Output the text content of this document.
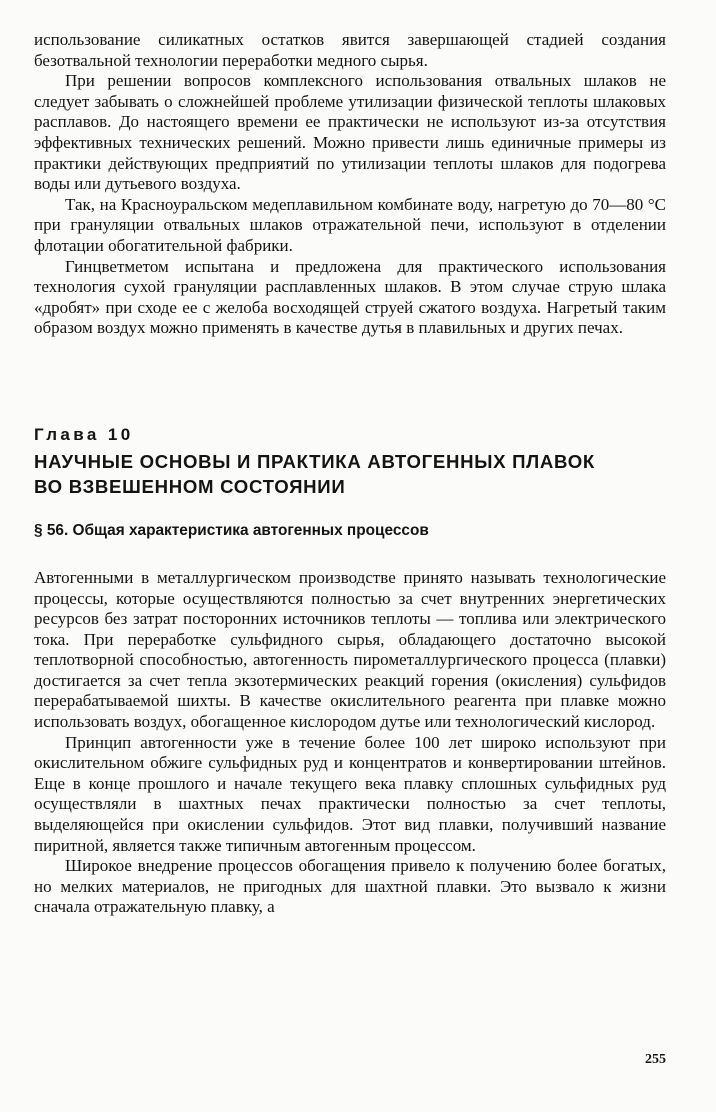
использование силикатных остатков явится завершающей стадией создания безотвальной технологии переработки медного сырья.

При решении вопросов комплексного использования отвальных шлаков не следует забывать о сложнейшей проблеме утилизации физической теплоты шлаковых расплавов. До настоящего времени ее практически не используют из-за отсутствия эффективных технических решений. Можно привести лишь единичные примеры из практики действующих предприятий по утилизации теплоты шлаков для подогрева воды или дутьевого воздуха.

Так, на Красноуральском медеплавильном комбинате воду, нагретую до 70—80 °С при грануляции отвальных шлаков отражательной печи, используют в отделении флотации обогатительной фабрики.

Гинцветметом испытана и предложена для практического использования технология сухой грануляции расплавленных шлаков. В этом случае струю шлака «дробят» при сходе ее с желоба восходящей струей сжатого воздуха. Нагретый таким образом воздух можно применять в качестве дутья в плавильных и других печах.

Глава 10
НАУЧНЫЕ ОСНОВЫ И ПРАКТИКА АВТОГЕННЫХ ПЛАВОК
ВО ВЗВЕШЕННОМ СОСТОЯНИИ
§ 56. Общая характеристика автогенных процессов

Автогенными в металлургическом производстве принято называть технологические процессы, которые осуществляются полностью за счет внутренних энергетических ресурсов без затрат посторонних источников теплоты — топлива или электрического тока. При переработке сульфидного сырья, обладающего достаточно высокой теплотворной способностью, автогенность пирометаллургического процесса (плавки) достигается за счет тепла экзотермических реакций горения (окисления) сульфидов перерабатываемой шихты. В качестве окислительного реагента при плавке можно использовать воздух, обогащенное кислородом дутье или технологический кислород.

Принцип автогенности уже в течение более 100 лет широко используют при окислительном обжиге сульфидных руд и концентратов и конвертировании штейнов. Еще в конце прошлого и начале текущего века плавку сплошных сульфидных руд осуществляли в шахтных печах практически полностью за счет теплоты, выделяющейся при окислении сульфидов. Этот вид плавки, получивший название пиритной, является также типичным автогенным процессом.

Широкое внедрение процессов обогащения привело к получению более богатых, но мелких материалов, не пригодных для шахтной плавки. Это вызвало к жизни сначала отражательную плавку, а

255
